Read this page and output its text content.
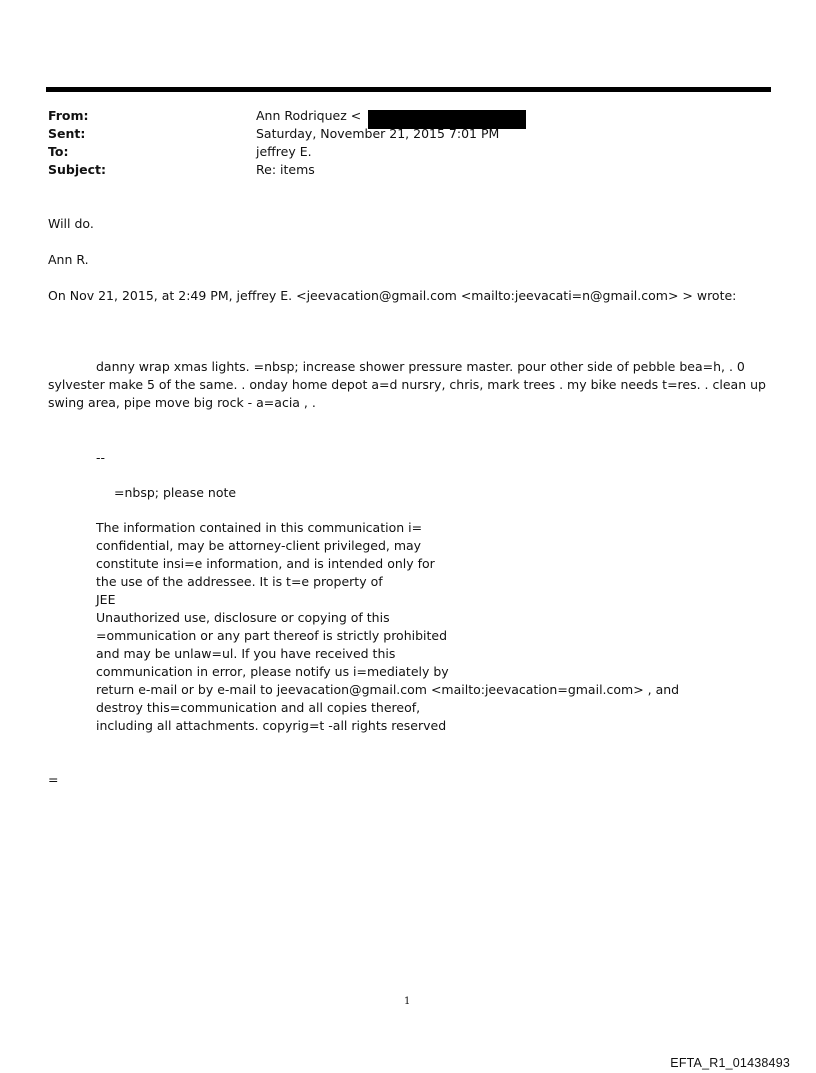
From:	Ann Rodriquez <
Sent:	Saturday, November 21, 2015 7:01 PM
To:	jeffrey E.
Subject:	Re: items
Will do.
Ann R.
On Nov 21, 2015, at 2:49 PM, jeffrey E. <jeevacation@gmail.com <mailto:jeevacati=n@gmail.com> > wrote:
danny wrap xmas lights. =nbsp; increase shower pressure master. pour other side of pebble bea=h, . 0
sylvester make 5 of the same. . onday home depot a=d nursry, chris, mark trees . my bike needs t=res. . clean up
swing area, pipe move big rock - a=acia , .
--
=nbsp; please note
The information contained in this communication i=
confidential, may be attorney-client privileged, may
constitute insi=e information, and is intended only for
the use of the addressee. It is t=e property of
JEE
Unauthorized use, disclosure or copying of this
=ommunication or any part thereof is strictly prohibited
and may be unlaw=ul. If you have received this
communication in error, please notify us i=mediately by
return e-mail or by e-mail to jeevacation@gmail.com <mailto:jeevacation=gmail.com> , and
destroy this=communication and all copies thereof,
including all attachments. copyrig=t -all rights reserved
=
1
EFTA_R1_01438493
